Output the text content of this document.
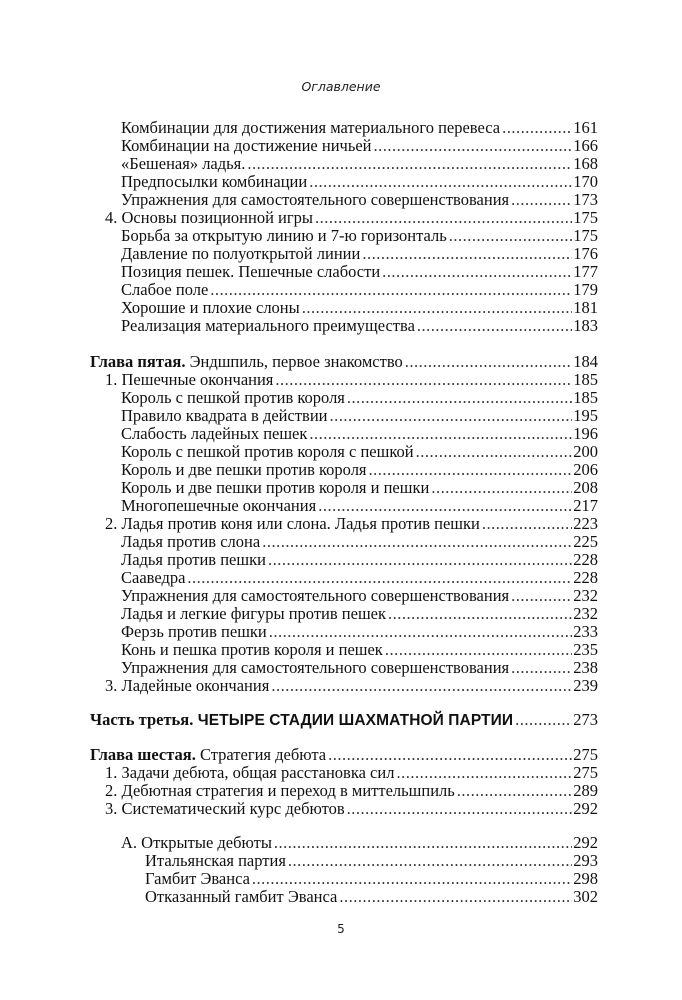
Оглавление
Комбинации для достижения материального перевеса .....	161
Комбинации на достижение ничьей .....	166
«Бешеная» ладья. .....	168
Предпосылки комбинации .....	170
Упражнения для самостоятельного совершенствования .....	173
4. Основы позиционной игры .....	175
Борьба за открытую линию и 7-ю горизонталь .....	175
Давление по полуоткрытой линии .....	176
Позиция пешек. Пешечные слабости .....	177
Слабое поле .....	179
Хорошие и плохие слоны .....	181
Реализация материального преимущества .....	183
Глава пятая. Эндшпиль, первое знакомство .....	184
1. Пешечные окончания .....	185
Король с пешкой против короля .....	185
Правило квадрата в действии .....	195
Слабость ладейных пешек .....	196
Король с пешкой против короля с пешкой .....	200
Король и две пешки против короля .....	206
Король и две пешки против короля и пешки .....	208
Многопешечные окончания .....	217
2. Ладья против коня или слона. Ладья против пешки .....	223
Ладья против слона .....	225
Ладья против пешки .....	228
Сааведра .....	228
Упражнения для самостоятельного совершенствования .....	232
Ладья и легкие фигуры против пешек .....	232
Ферзь против пешки .....	233
Конь и пешка против короля и пешек .....	235
Упражнения для самостоятельного совершенствования .....	238
3. Ладейные окончания .....	239
Часть третья. ЧЕТЫРЕ СТАДИИ ШАХМАТНОЙ ПАРТИИ .....	273
Глава шестая. Стратегия дебюта .....	275
1. Задачи дебюта, общая расстановка сил .....	275
2. Дебютная стратегия и переход в миттельшпиль .....	289
3. Систематический курс дебютов .....	292
А. Открытые дебюты .....	292
Итальянская партия .....	293
Гамбит Эванса .....	298
Отказанный гамбит Эванса .....	302
5
